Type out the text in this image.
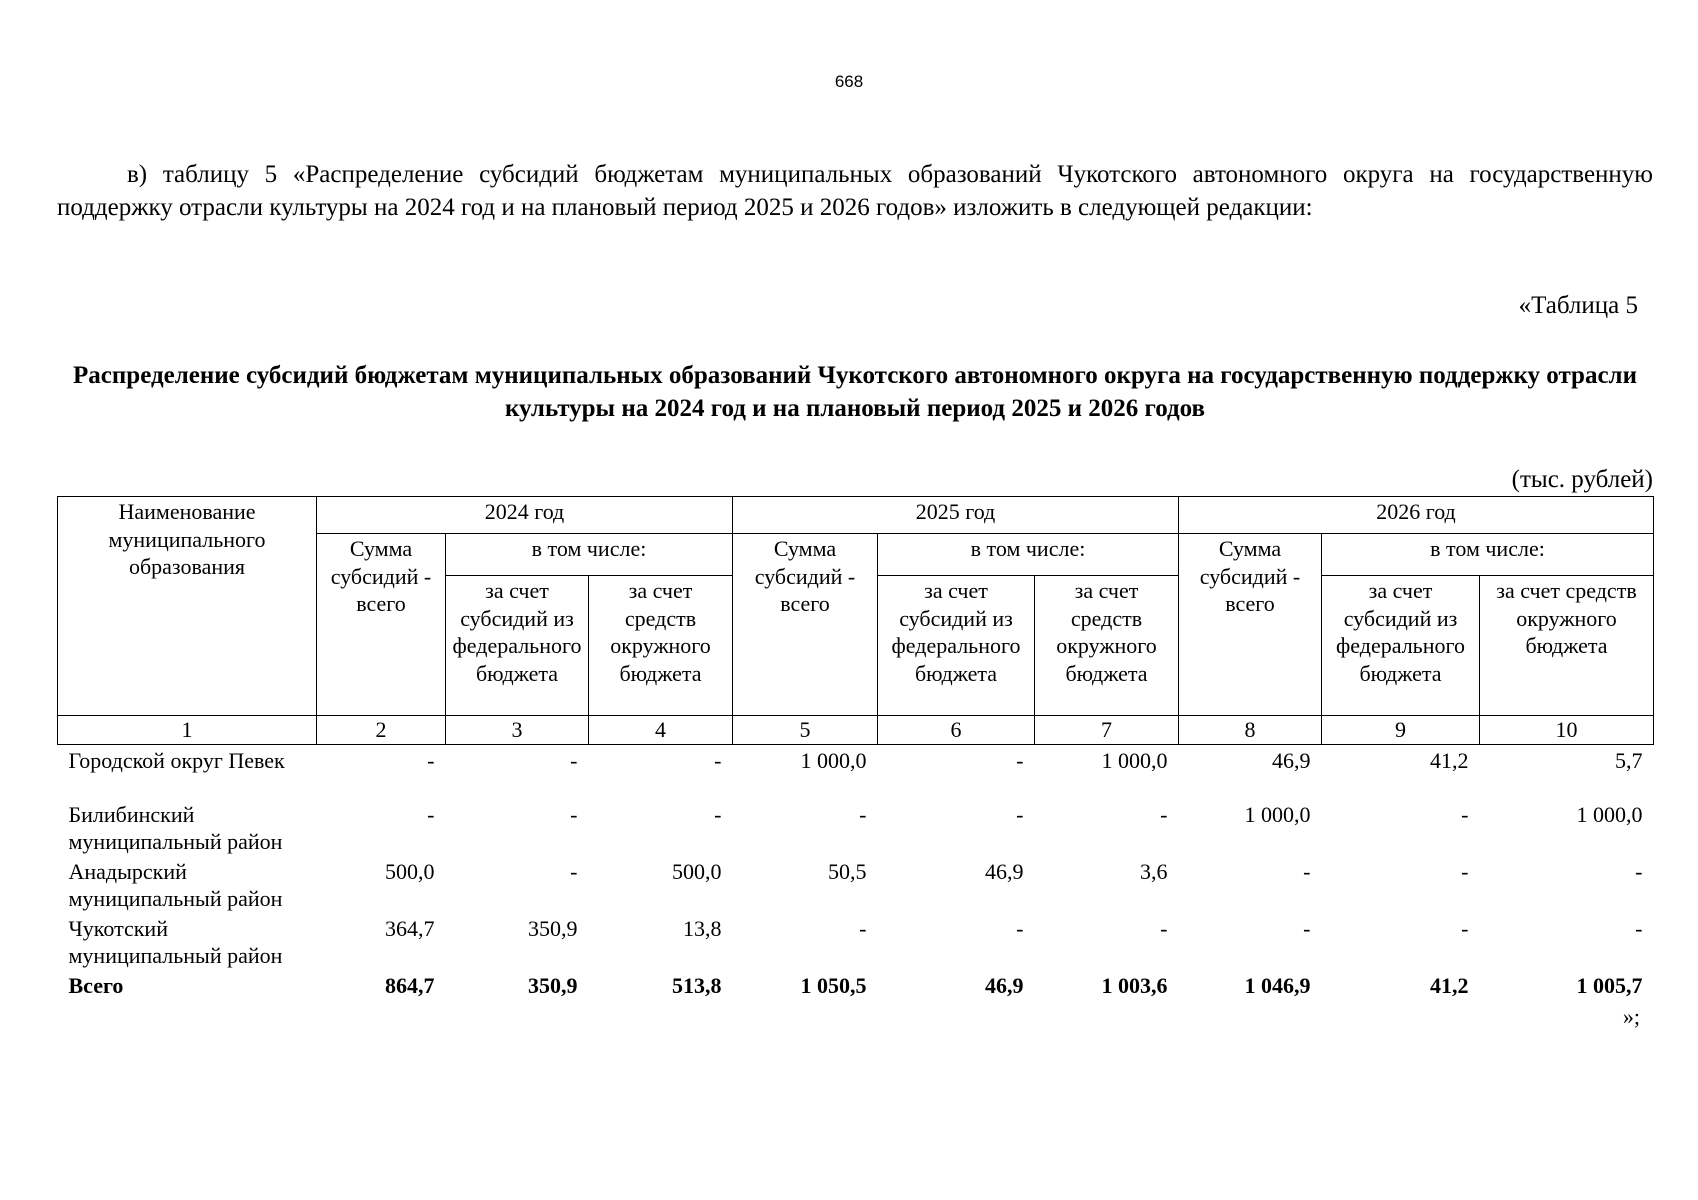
668

в) таблицу 5 «Распределение субсидий бюджетам муниципальных образований Чукотского автономного округа на государственную поддержку отрасли культуры на 2024 год и на плановый период 2025 и 2026 годов» изложить в следующей редакции:

«Таблица 5

Распределение субсидий бюджетам муниципальных образований Чукотского автономного округа на государственную поддержку отрасли культуры на 2024 год и на плановый период 2025 и 2026 годов

(тыс. рублей)
Наименование муниципального образования	2024 год			2025 год			2026 год		
	Сумма субсидий - всего	в том числе:		Сумма субсидий - всего	в том числе:		Сумма субсидий - всего	в том числе:	
		за счет субсидий из федерального бюджета	за счет средств окружного бюджета		за счет субсидий из федерального бюджета	за счет средств окружного бюджета		за счет субсидий из федерального бюджета	за счет средств окружного бюджета
1	2	3	4	5	6	7	8	9	10
Городской округ Певек	-	-	-	1 000,0	-	1 000,0	46,9	41,2	5,7
Билибинский муниципальный район	-	-	-	-	-	-	1 000,0	-	1 000,0
Анадырский муниципальный район	500,0	-	500,0	50,5	46,9	3,6	-	-	-
Чукотский муниципальный район	364,7	350,9	13,8	-	-	-	-	-	-
Всего	864,7	350,9	513,8	1 050,5	46,9	1 003,6	1 046,9	41,2	1 005,7
»;
